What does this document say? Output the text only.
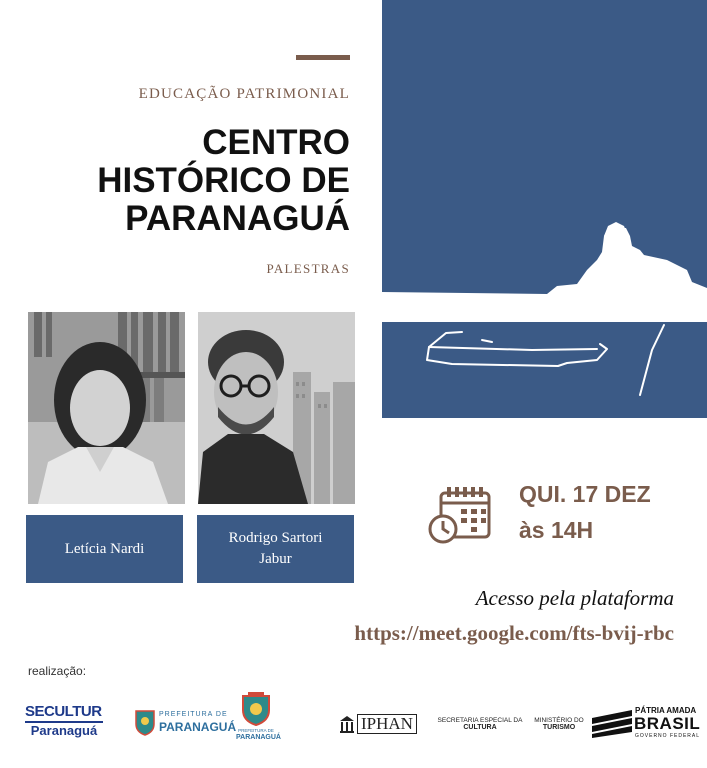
EDUCAÇÃO PATRIMONIAL
CENTRO
HISTÓRICO DE
PARANAGUÁ
PALESTRAS
Letícia Nardi
Rodrigo Sartori
Jabur
QUI. 17 DEZ
às 14H
Acesso pela plataforma
https://meet.google.com/fts-bvij-rbc
realização:
SECULTUR
Paranaguá
PREFEITURA DE
PARANAGUÁ PREFEITURA DE
PARANAGUÁ
IPHAN	SECRETARIA ESPECIAL DA
CULTURA
MINISTÉRIO DO
TURISMO
PÁTRIA AMADA
BRASIL
GOVERNO FEDERAL
